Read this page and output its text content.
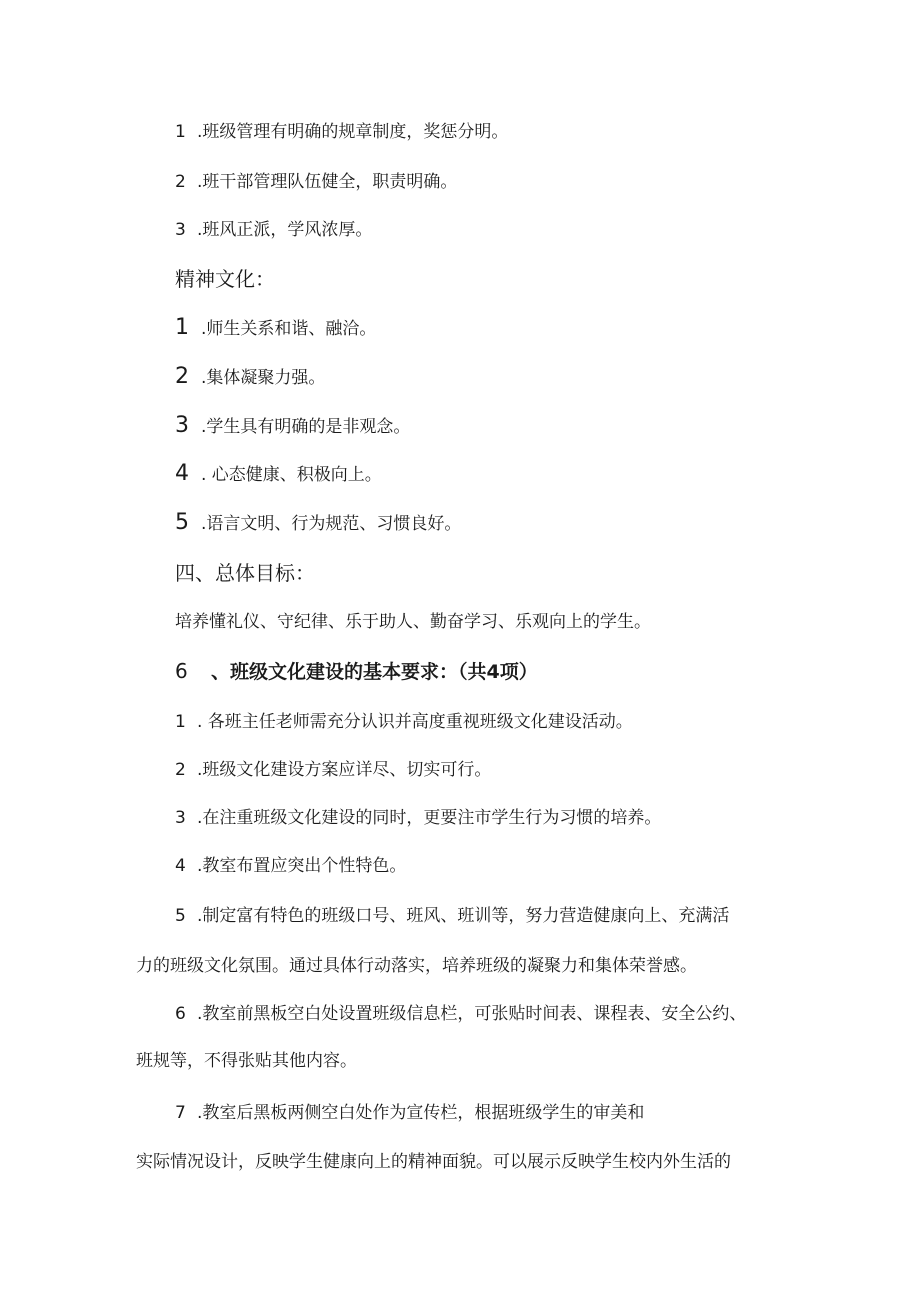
1 .班级管理有明确的规章制度，奖惩分明。
2 .班干部管理队伍健全，职责明确。
3 .班风正派，学风浓厚。
精神文化：
1 .师生关系和谐、融洽。
2 .集体凝聚力强。
3 .学生具有明确的是非观念。
4 . 心态健康、积极向上。
5 .语言文明、行为规范、习惯良好。
四、总体目标：
培养懂礼仪、守纪律、乐于助人、勤奋学习、乐观向上的学生。
6 、班级文化建设的基本要求：（共4项）
1 . 各班主任老师需充分认识并高度重视班级文化建设活动。
2 .班级文化建设方案应详尽、切实可行。
3 .在注重班级文化建设的同时，更要注市学生行为习惯的培养。
4 .教室布置应突出个性特色。
5 .制定富有特色的班级口号、班风、班训等，努力营造健康向上、充满活
力的班级文化氛围。通过具体行动落实，培养班级的凝聚力和集体荣誉感。
6 .教室前黑板空白处设置班级信息栏，可张贴时间表、课程表、安全公约、
班规等，不得张贴其他内容。
7 .教室后黑板两侧空白处作为宣传栏，根据班级学生的审美和
实际情况设计，反映学生健康向上的精神面貌。可以展示反映学生校内外生活的
